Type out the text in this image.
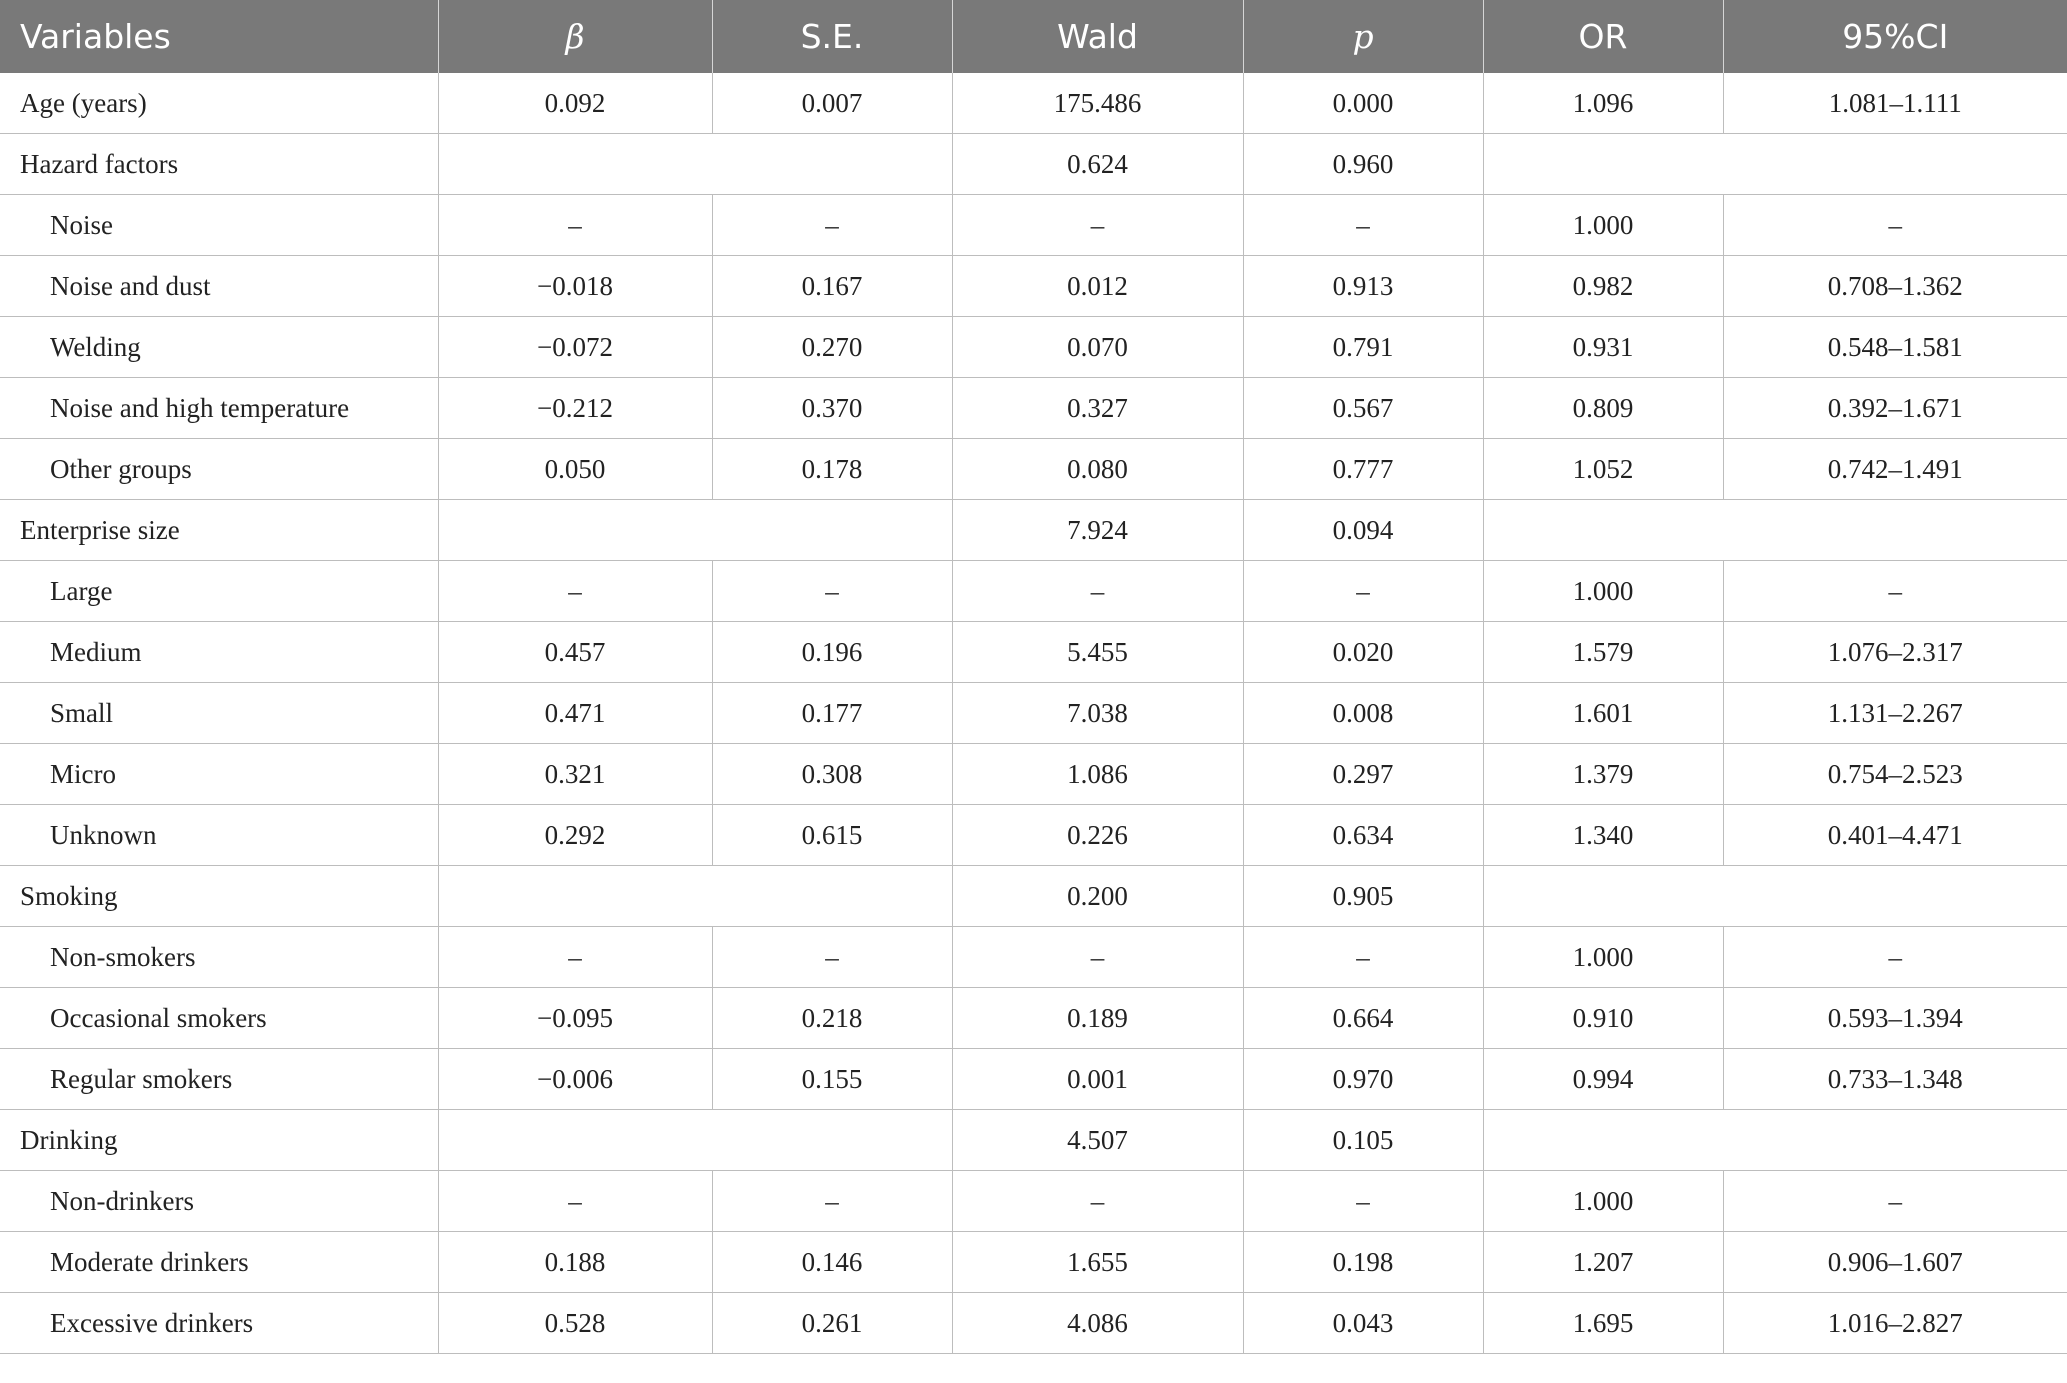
Variables	β	S.E.	Wald	p	OR	95%CI
Age (years)	0.092	0.007	175.486	0.000	1.096	1.081–1.111
Hazard factors			0.624	0.960		
Noise	–	–	–	–	1.000	–
Noise and dust	−0.018	0.167	0.012	0.913	0.982	0.708–1.362
Welding	−0.072	0.270	0.070	0.791	0.931	0.548–1.581
Noise and high temperature	−0.212	0.370	0.327	0.567	0.809	0.392–1.671
Other groups	0.050	0.178	0.080	0.777	1.052	0.742–1.491
Enterprise size			7.924	0.094		
Large	–	–	–	–	1.000	–
Medium	0.457	0.196	5.455	0.020	1.579	1.076–2.317
Small	0.471	0.177	7.038	0.008	1.601	1.131–2.267
Micro	0.321	0.308	1.086	0.297	1.379	0.754–2.523
Unknown	0.292	0.615	0.226	0.634	1.340	0.401–4.471
Smoking			0.200	0.905		
Non-smokers	–	–	–	–	1.000	–
Occasional smokers	−0.095	0.218	0.189	0.664	0.910	0.593–1.394
Regular smokers	−0.006	0.155	0.001	0.970	0.994	0.733–1.348
Drinking			4.507	0.105		
Non-drinkers	–	–	–	–	1.000	–
Moderate drinkers	0.188	0.146	1.655	0.198	1.207	0.906–1.607
Excessive drinkers	0.528	0.261	4.086	0.043	1.695	1.016–2.827
